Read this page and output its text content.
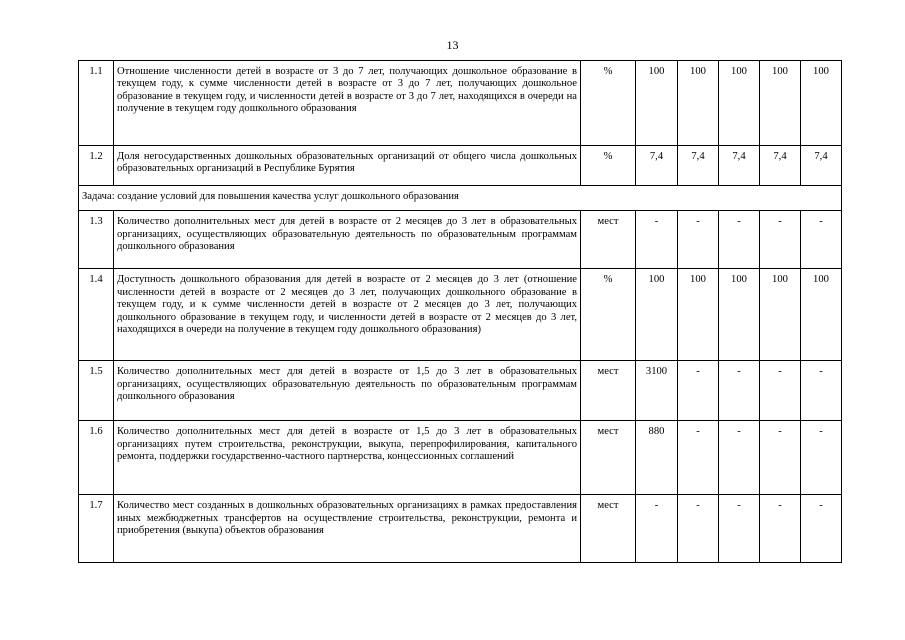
13
1.1	Отношение численности детей в возрасте от 3 до 7 лет, получающих дошкольное образование в текущем году, к сумме численности детей в возрасте от 3 до 7 лет, получающих дошкольное образование в текущем году, и численности детей в возрасте от 3 до 7 лет, находящихся в очереди на получение в текущем году дошкольного образования	%	100	100	100	100	100
1.2	Доля негосударственных дошкольных образовательных организаций от общего числа дошкольных образовательных организаций в Республике Бурятия	%	7,4	7,4	7,4	7,4	7,4
Задача: создание условий для повышения качества услуг дошкольного образования							
1.3	Количество дополнительных мест для детей в возрасте от 2 месяцев до 3 лет в образовательных организациях, осуществляющих образовательную деятельность по образовательным программам дошкольного образования	мест	-	-	-	-	-
1.4	Доступность дошкольного образования для детей в возрасте от 2 месяцев до 3 лет (отношение численности детей в возрасте от 2 месяцев до 3 лет, получающих дошкольного образование в текущем году, и к сумме численности детей в возрасте от 2 месяцев до 3 лет, получающих дошкольного образование в текущем году, и численности детей в возрасте от 2 месяцев до 3 лет, находящихся в очереди на получение в текущем году дошкольного образования)	%	100	100	100	100	100
1.5	Количество дополнительных мест для детей в возрасте от 1,5 до 3 лет в образовательных организациях, осуществляющих образовательную деятельность по образовательным программам дошкольного образования	мест	3100	-	-	-	-
1.6	Количество дополнительных мест для детей в возрасте от 1,5 до 3 лет в образовательных организациях путем строительства, реконструкции, выкупа, перепрофилирования, капитального ремонта, поддержки государственно-частного партнерства, концессионных соглашений	мест	880	-	-	-	-
1.7	Количество мест созданных в дошкольных образовательных организациях в рамках предоставления иных межбюджетных трансфертов на осуществление строительства, реконструкции, ремонта и приобретения (выкупа) объектов образования	мест	-	-	-	-	-
